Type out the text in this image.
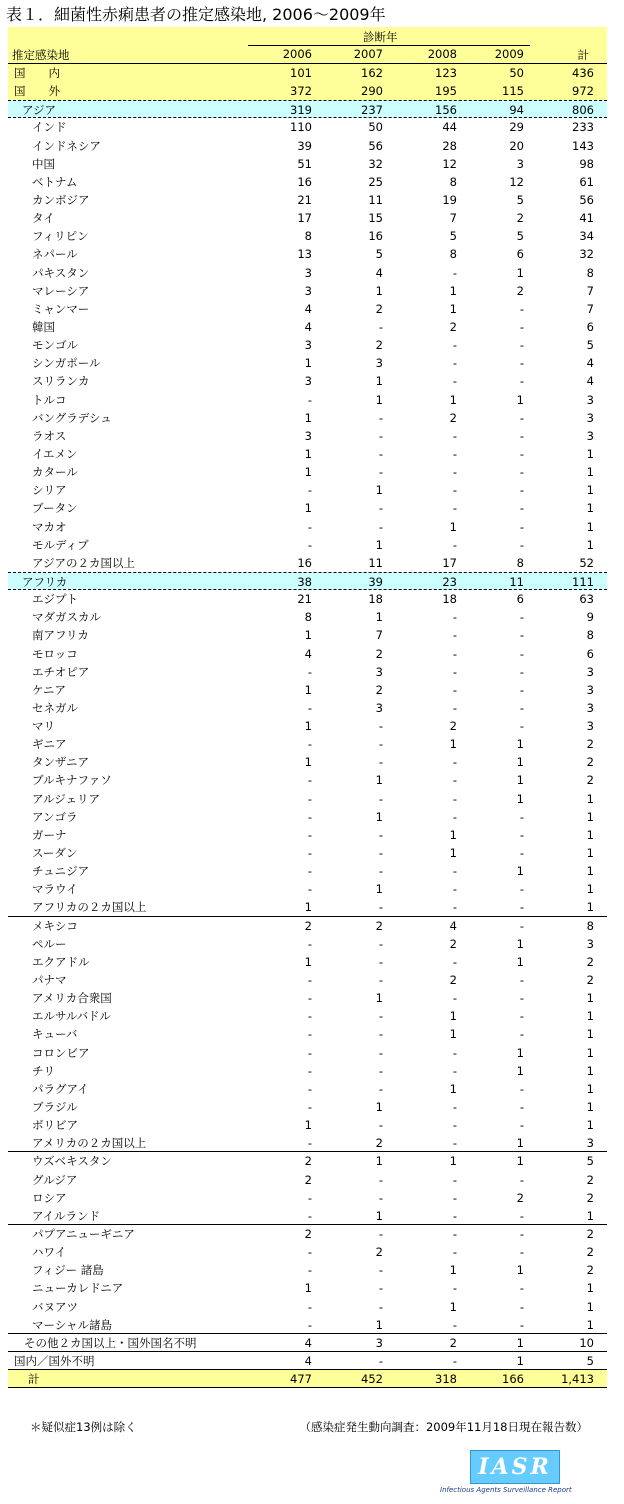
表１．細菌性赤痢患者の推定感染地, 2006～2009年
診断年
推定感染地	2006	2007	2008	2009	計
国　　内	101	162	123	50	436
国　　外	372	290	195	115	972
アジア	319	237	156	94	806
インド	110	50	44	29	233
インドネシア	39	56	28	20	143
中国	51	32	12	3	98
ベトナム	16	25	8	12	61
カンボジア	21	11	19	5	56
タイ	17	15	7	2	41
フィリピン	8	16	5	5	34
ネパール	13	5	8	6	32
パキスタン	3	4	-	1	8
マレーシア	3	1	1	2	7
ミャンマー	4	2	1	-	7
韓国	4	-	2	-	6
モンゴル	3	2	-	-	5
シンガポール	1	3	-	-	4
スリランカ	3	1	-	-	4
トルコ	-	1	1	1	3
バングラデシュ	1	-	2	-	3
ラオス	3	-	-	-	3
イエメン	1	-	-	-	1
カタール	1	-	-	-	1
シリア	-	1	-	-	1
ブータン	1	-	-	-	1
マカオ	-	-	1	-	1
モルディブ	-	1	-	-	1
アジアの２カ国以上	16	11	17	8	52
アフリカ	38	39	23	11	111
エジプト	21	18	18	6	63
マダガスカル	8	1	-	-	9
南アフリカ	1	7	-	-	8
モロッコ	4	2	-	-	6
エチオピア	-	3	-	-	3
ケニア	1	2	-	-	3
セネガル	-	3	-	-	3
マリ	1	-	2	-	3
ギニア	-	-	1	1	2
タンザニア	1	-	-	1	2
ブルキナファソ	-	1	-	1	2
アルジェリア	-	-	-	1	1
アンゴラ	-	1	-	-	1
ガーナ	-	-	1	-	1
スーダン	-	-	1	-	1
チュニジア	-	-	-	1	1
マラウイ	-	1	-	-	1
アフリカの２カ国以上	1	-	-	-	1
メキシコ	2	2	4	-	8
ペルー	-	-	2	1	3
エクアドル	1	-	-	1	2
パナマ	-	-	2	-	2
アメリカ合衆国	-	1	-	-	1
エルサルバドル	-	-	1	-	1
キューバ	-	-	1	-	1
コロンビア	-	-	-	1	1
チリ	-	-	-	1	1
パラグアイ	-	-	1	-	1
ブラジル	-	1	-	-	1
ボリビア	1	-	-	-	1
アメリカの２カ国以上	-	2	-	1	3
ウズベキスタン	2	1	1	1	5
グルジア	2	-	-	-	2
ロシア	-	-	-	2	2
アイルランド	-	1	-	-	1
パプアニューギニア	2	-	-	-	2
ハワイ	-	2	-	-	2
フィジー 諸島	-	-	1	1	2
ニューカレドニア	1	-	-	-	1
バヌアツ	-	-	1	-	1
マーシャル諸島	-	1	-	-	1
その他２カ国以上・国外国名不明	4	3	2	1	10
国内／国外不明	4	-	-	1	5
計	477	452	318	166	1,413
＊疑似症13例は除く	（感染症発生動向調査：2009年11月18日現在報告数）
IASR
Infectious Agents Surveillance Report
